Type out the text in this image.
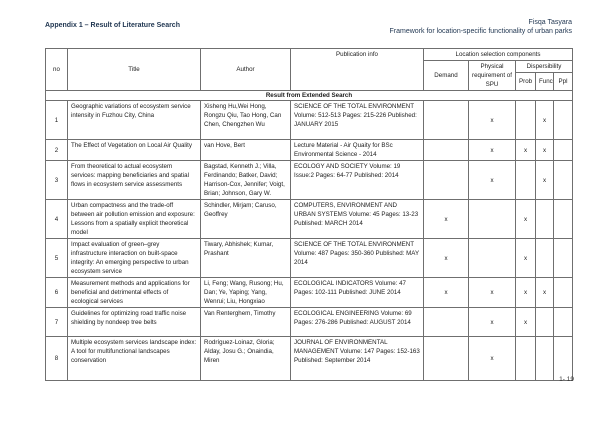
Appendix 1 – Result of Literature Search	Fisqa Tasyara
Framework for location-specific functionality of urban parks
no	Title	Author	Publication info	Location selection components				
				Demand	Physical requirement of SPU	Dispersibility		
						Prob	Func	Ppl
Result from Extended Search								
1	Geographic variations of ecosystem service intensity in Fuzhou City, China	Xisheng Hu,Wei Hong, Rongzu Qiu, Tao Hong, Can Chen, Chengzhen Wu	SCIENCE OF THE TOTAL ENVIRONMENT Volume: 512-513 Pages: 215-226 Published: JANUARY 2015		x		x	
2	The Effect of Vegetation on Local Air Quality	van Hove, Bert	Lecture Material - Air Quaity for BSc Environmental Science - 2014		x	x	x	
3	From theoretical to actual ecosystem services: mapping beneficiaries and spatial flows in ecosystem service assessments	Bagstad, Kenneth J.; Villa, Ferdinando; Batker, David; Harrison-Cox, Jennifer; Voigt, Brian; Johnson, Gary W.	ECOLOGY AND SOCIETY Volume: 19 Issue:2 Pages: 64-77 Published: 2014		x		x	
4	Urban compactness and the trade-off between air pollution emission and exposure: Lessons from a spatially explicit theoretical model	Schindler, Mirjam; Caruso, Geoffrey	COMPUTERS, ENVIRONMENT AND URBAN SYSTEMS Volume: 45 Pages: 13-23 Published: MARCH 2014	x		x		
5	Impact evaluation of green–grey infrastructure interaction on built-space integrity: An emerging perspective to urban ecosystem service	Tiwary, Abhishek; Kumar, Prashant	SCIENCE OF THE TOTAL ENVIRONMENT Volume: 487 Pages: 350-360 Published: MAY 2014	x		x		
6	Measurement methods and applications for beneficial and detrimental effects of ecological services	Li, Feng; Wang, Rusong; Hu, Dan; Ye, Yaping; Yang, Wenrui; Liu, Hongxiao	ECOLOGICAL INDICATORS Volume: 47 Pages: 102-111 Published: JUNE 2014	x	x	x	x	
7	Guidelines for optimizing road traffic noise shielding by nondeep tree belts	Van Renterghem, Timothy	ECOLOGICAL ENGINEERING Volume: 69 Pages: 276-286 Published: AUGUST 2014		x	x		
8	Multiple ecosystem services landscape index: A tool for multifunctional landscapes conservation	Rodríguez-Loinaz, Gloria; Alday, Josu G.; Onaindia, Miren	JOURNAL OF ENVIRONMENTAL MANAGEMENT Volume: 147 Pages: 152-163 Published: September 2014		x			
1- 19
